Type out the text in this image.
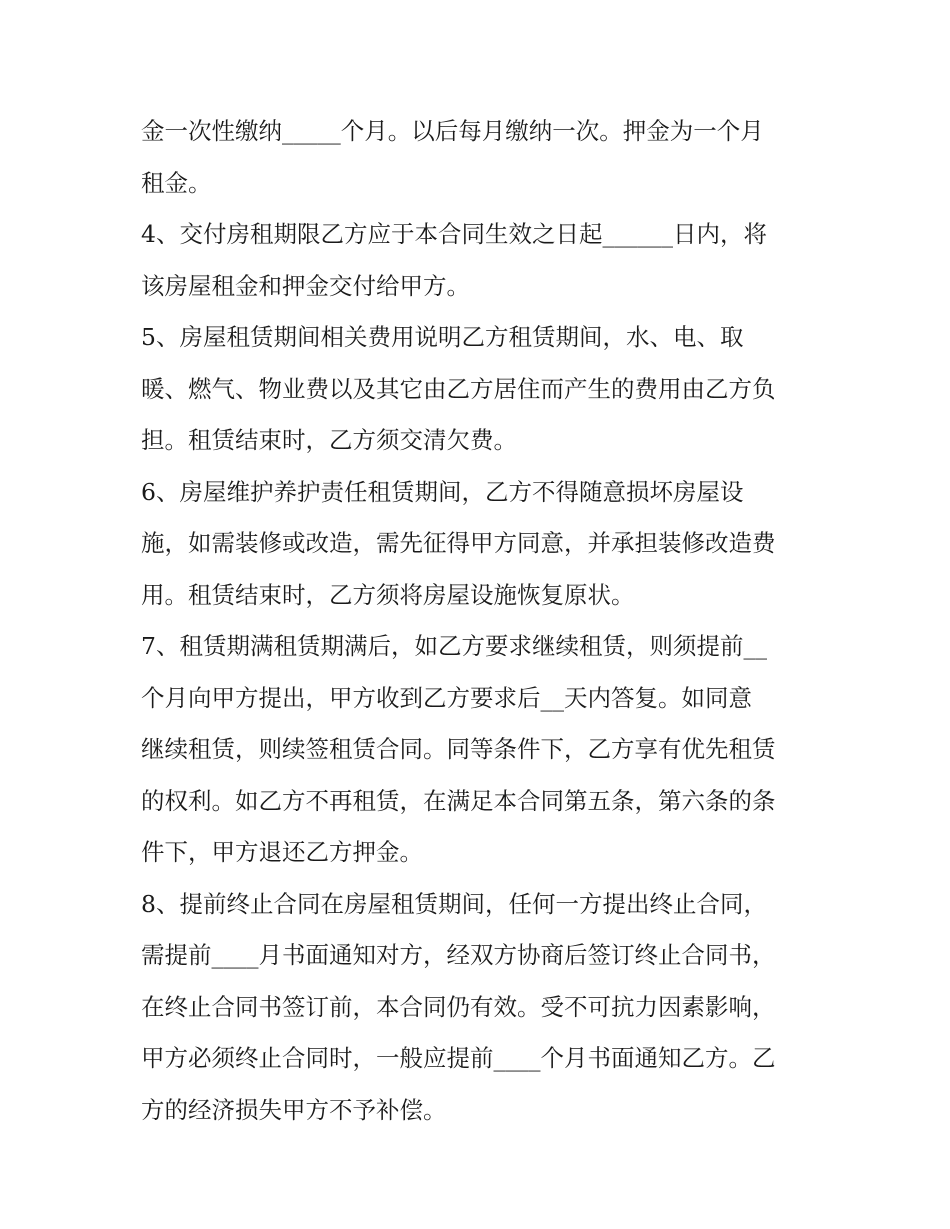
金一次性缴纳_____个月。以后每月缴纳一次。押金为一个月
租金。
4、交付房租期限乙方应于本合同生效之日起______日内，将
该房屋租金和押金交付给甲方。
5、房屋租赁期间相关费用说明乙方租赁期间，水、电、取
暖、燃气、物业费以及其它由乙方居住而产生的费用由乙方负
担。租赁结束时，乙方须交清欠费。
6、房屋维护养护责任租赁期间，乙方不得随意损坏房屋设
施，如需装修或改造，需先征得甲方同意，并承担装修改造费
用。租赁结束时，乙方须将房屋设施恢复原状。
7、租赁期满租赁期满后，如乙方要求继续租赁，则须提前__
个月向甲方提出，甲方收到乙方要求后__天内答复。如同意
继续租赁，则续签租赁合同。同等条件下，乙方享有优先租赁
的权利。如乙方不再租赁，在满足本合同第五条，第六条的条
件下，甲方退还乙方押金。
8、提前终止合同在房屋租赁期间，任何一方提出终止合同，
需提前____月书面通知对方，经双方协商后签订终止合同书，
在终止合同书签订前，本合同仍有效。受不可抗力因素影响，
甲方必须终止合同时，一般应提前____个月书面通知乙方。乙
方的经济损失甲方不予补偿。
